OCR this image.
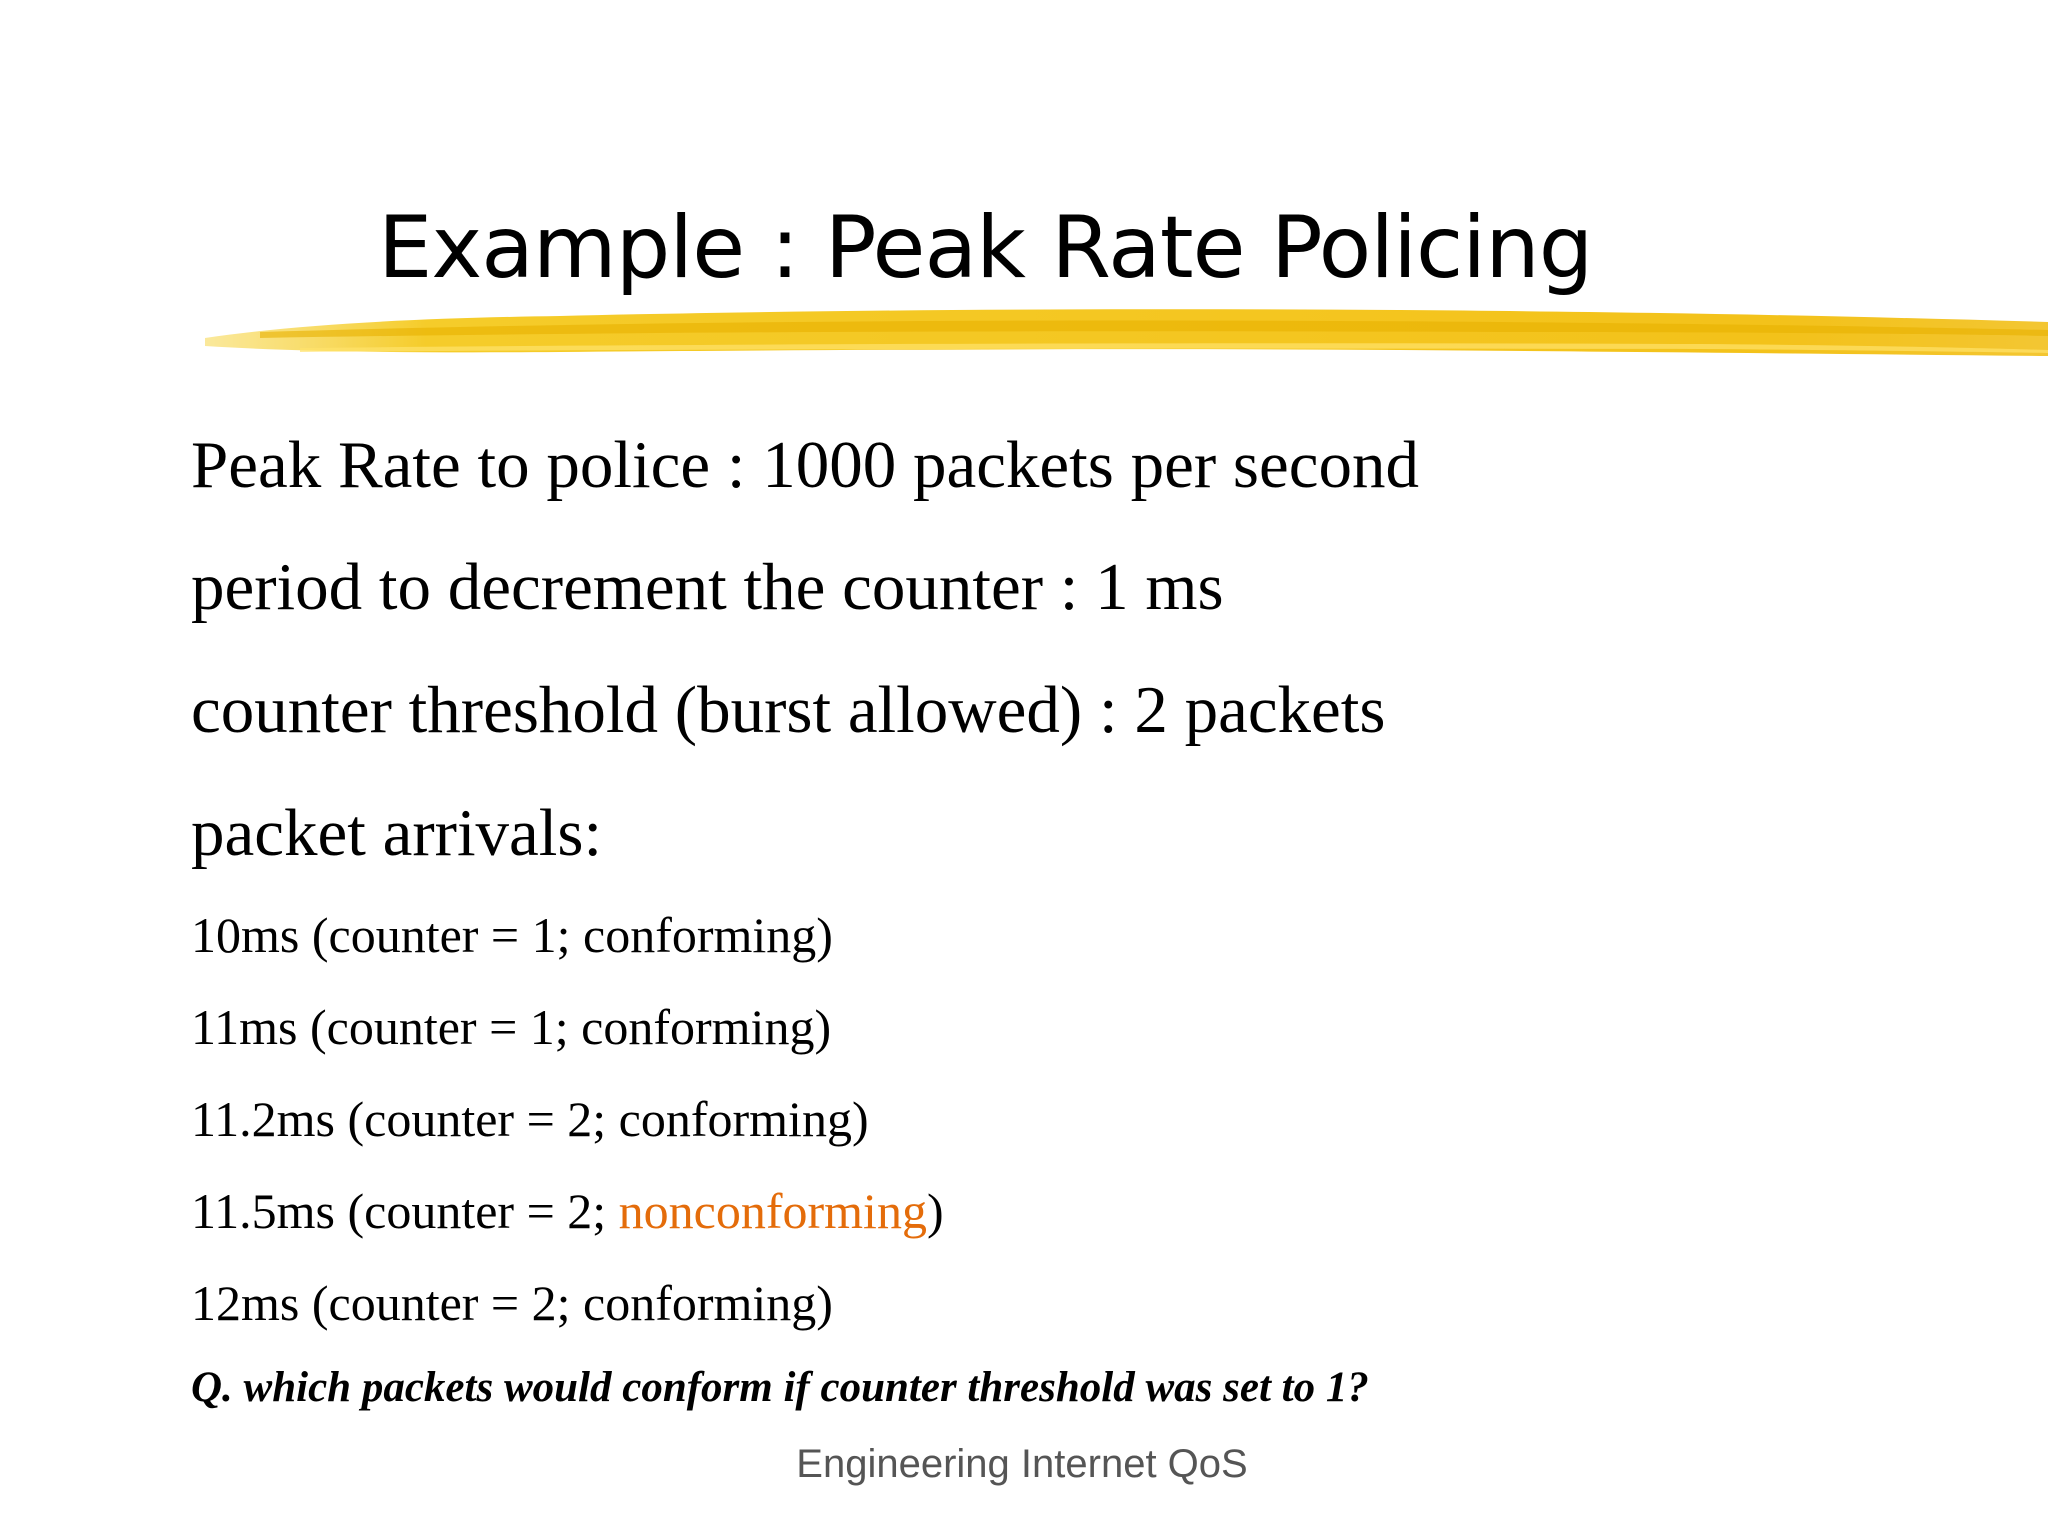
Example : Peak Rate Policing
Peak Rate to police : 1000 packets per second
period to decrement the counter : 1 ms
counter threshold (burst allowed) : 2 packets
packet arrivals:
10ms (counter = 1; conforming)
11ms (counter = 1; conforming)
11.2ms (counter = 2; conforming)
11.5ms (counter = 2; nonconforming)
12ms (counter = 2; conforming)
Q. which packets would conform if counter threshold was set to 1?
Engineering Internet QoS
